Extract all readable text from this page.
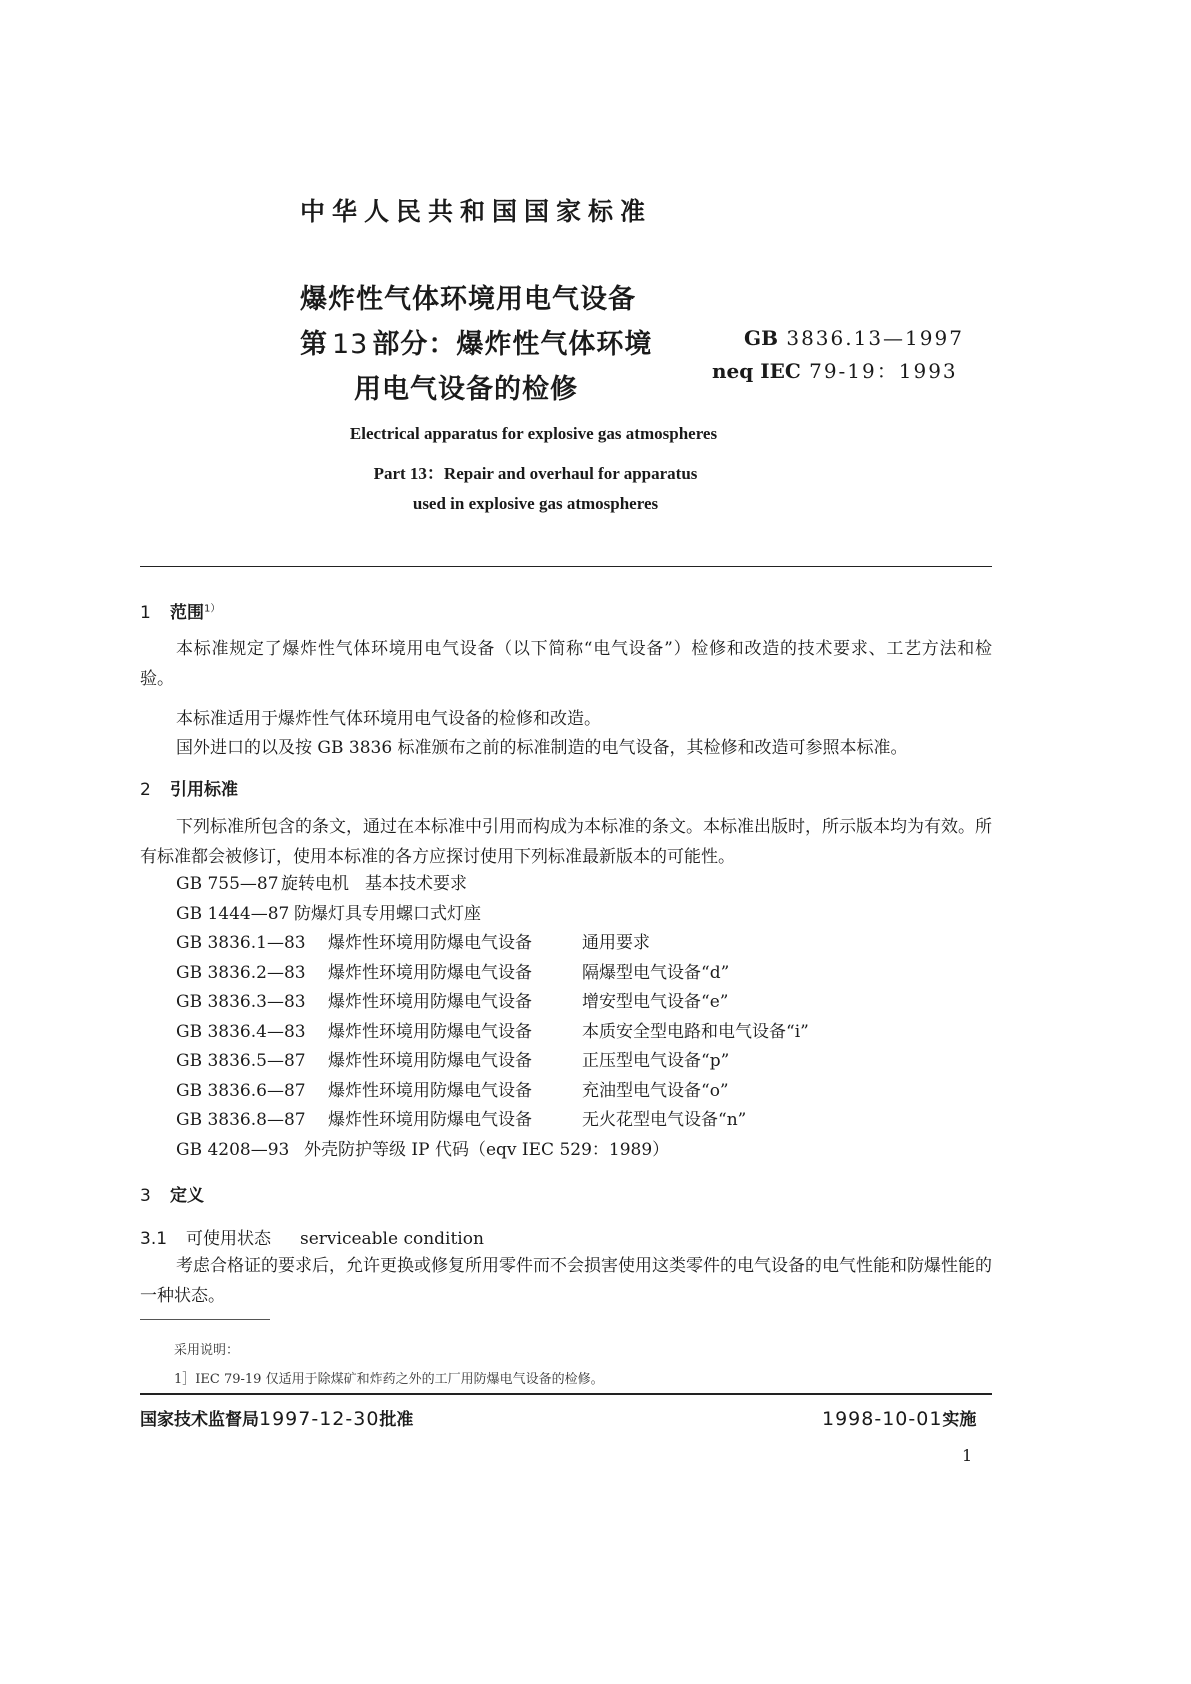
中华人民共和国国家标准
爆炸性气体环境用电气设备
第 13 部分：爆炸性气体环境
用电气设备的检修
GB 3836.13—1997
neq IEC 79-19：1993
Electrical apparatus for explosive gas atmospheres
Part 13：Repair and overhaul for apparatus
used in explosive gas atmospheres
1 范围$^{1)}$
本标准规定了爆炸性气体环境用电气设备（以下简称“电气设备”）检修和改造的技术要求、工艺方法和检验。
本标准适用于爆炸性气体环境用电气设备的检修和改造。
国外进口的以及按 GB 3836 标准颁布之前的标准制造的电气设备，其检修和改造可参照本标准。
2 引用标准
下列标准所包含的条文，通过在本标准中引用而构成为本标准的条文。本标准出版时，所示版本均为有效。所有标准都会被修订，使用本标准的各方应探讨使用下列标准最新版本的可能性。
GB 755—87 旋转电机 基本技术要求
GB 1444—87 防爆灯具专用螺口式灯座
GB 3836.1—83 爆炸性环境用防爆电气设备	通用要求
GB 3836.2—83 爆炸性环境用防爆电气设备	隔爆型电气设备“d”
GB 3836.3—83 爆炸性环境用防爆电气设备	增安型电气设备“e”
GB 3836.4—83 爆炸性环境用防爆电气设备	本质安全型电路和电气设备“i”
GB 3836.5—87 爆炸性环境用防爆电气设备	正压型电气设备“p”
GB 3836.6—87 爆炸性环境用防爆电气设备	充油型电气设备“o”
GB 3836.8—87 爆炸性环境用防爆电气设备	无火花型电气设备“n”
GB 4208—93 外壳防护等级 IP 代码（eqv IEC 529：1989）
3 定义
3.1 可使用状态 serviceable condition
考虑合格证的要求后，允许更换或修复所用零件而不会损害使用这类零件的电气设备的电气性能和防爆性能的一种状态。
采用说明：
1］IEC 79-19 仅适用于除煤矿和炸药之外的工厂用防爆电气设备的检修。
国家技术监督局1997-12-30批准	1998-10-01实施
1
